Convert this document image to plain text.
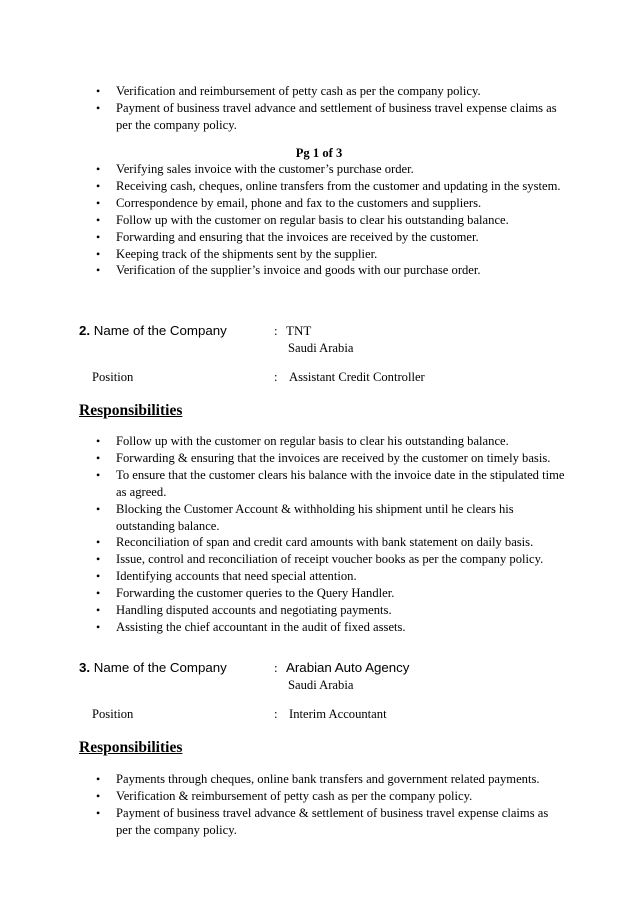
• Verification and reimbursement of petty cash as per the company policy.
• Payment of business travel advance and settlement of business travel expense claims as per the company policy.
Pg 1 of 3
• Verifying sales invoice with the customer’s purchase order.
• Receiving cash, cheques, online transfers from the customer and updating in the system.
• Correspondence by email, phone and fax to the customers and suppliers.
• Follow up with the customer on regular basis to clear his outstanding balance.
• Forwarding and ensuring that the invoices are received by the customer.
• Keeping track of the shipments sent by the supplier.
• Verification of the supplier’s invoice and goods with our purchase order.
2. Name of the Company	: TNT
Saudi Arabia
Position	: Assistant Credit Controller
Responsibilities
• Follow up with the customer on regular basis to clear his outstanding balance.
• Forwarding & ensuring that the invoices are received by the customer on timely basis.
• To ensure that the customer clears his balance with the invoice date in the stipulated time as agreed.
• Blocking the Customer Account & withholding his shipment until he clears his outstanding balance.
• Reconciliation of span and credit card amounts with bank statement on daily basis.
• Issue, control and reconciliation of receipt voucher books as per the company policy.
• Identifying accounts that need special attention.
• Forwarding the customer queries to the Query Handler.
• Handling disputed accounts and negotiating payments.
• Assisting the chief accountant in the audit of fixed assets.
3. Name of the Company	: Arabian Auto Agency
Saudi Arabia
Position	: Interim Accountant
Responsibilities
• Payments through cheques, online bank transfers and government related payments.
• Verification & reimbursement of petty cash as per the company policy.
• Payment of business travel advance & settlement of business travel expense claims as per the company policy.
